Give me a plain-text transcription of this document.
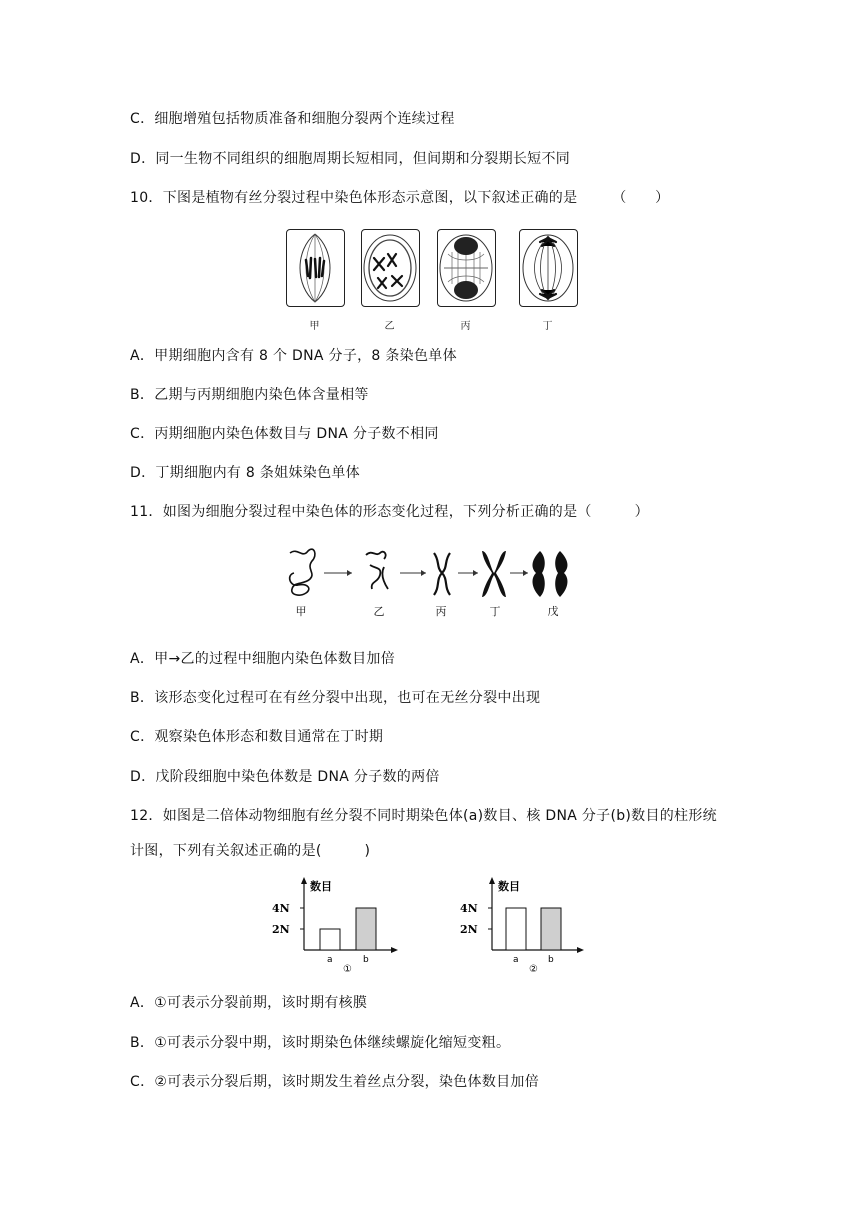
C．细胞增殖包括物质准备和细胞分裂两个连续过程
D．同一生物不同组织的细胞周期长短相同，但间期和分裂期长短不同
10．下图是植物有丝分裂过程中染色体形态示意图，以下叙述正确的是 （　　）
甲	乙	丙	丁
A．甲期细胞内含有 8 个 DNA 分子，8 条染色单体
B．乙期与丙期细胞内染色体含量相等
C．丙期细胞内染色体数目与 DNA 分子数不相同
D．丁期细胞内有 8 条姐妹染色单体
11．如图为细胞分裂过程中染色体的形态变化过程，下列分析正确的是（　　　）
甲	乙	丙	丁	戊
A．甲→乙的过程中细胞内染色体数目加倍
B．该形态变化过程可在有丝分裂中出现，也可在无丝分裂中出现
C．观察染色体形态和数目通常在丁时期
D．戊阶段细胞中染色体数是 DNA 分子数的两倍
12．如图是二倍体动物细胞有丝分裂不同时期染色体(a)数目、核 DNA 分子(b)数目的柱形统
计图，下列有关叙述正确的是(　　　)
数目
4N
2N
a	b
①
数目
4N
2N
a	b
②
A．①可表示分裂前期，该时期有核膜
B．①可表示分裂中期，该时期染色体继续螺旋化缩短变粗。
C．②可表示分裂后期，该时期发生着丝点分裂，染色体数目加倍
